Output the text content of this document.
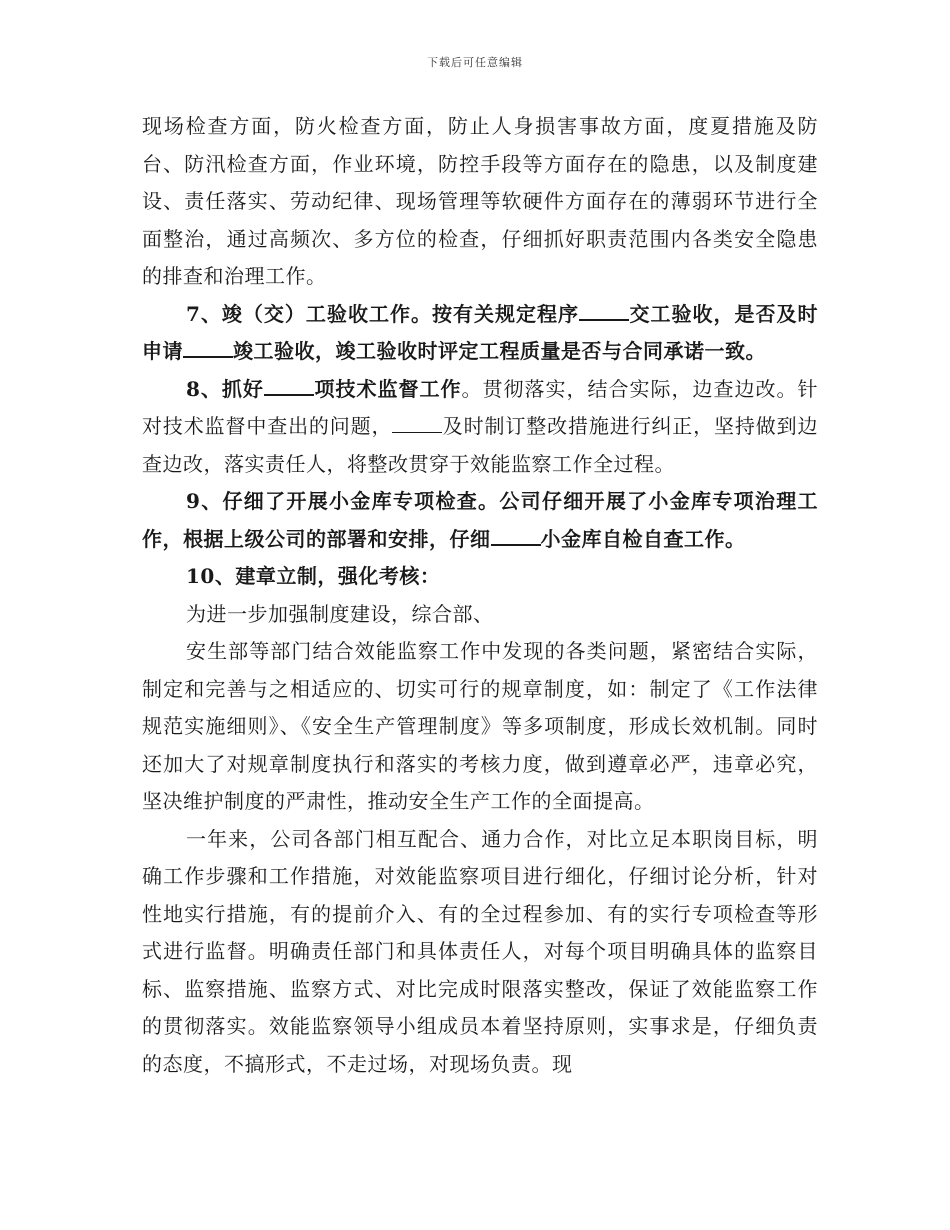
下载后可任意编辑

现场检查方面，防火检查方面，防止人身损害事故方面，度夏措施及防台、防汛检查方面，作业环境，防控手段等方面存在的隐患，以及制度建设、责任落实、劳动纪律、现场管理等软硬件方面存在的薄弱环节进行全面整治，通过高频次、多方位的检查，仔细抓好职责范围内各类安全隐患的排查和治理工作。

7、竣（交）工验收工作。按有关规定程序	交工验收，是否及时申请	竣工验收，竣工验收时评定工程质量是否与合同承诺一致。

8、抓好	项技术监督工作。贯彻落实，结合实际，边查边改。针对技术监督中查出的问题，	及时制订整改措施进行纠正，坚持做到边查边改，落实责任人，将整改贯穿于效能监察工作全过程。

9、仔细了开展小金库专项检查。公司仔细开展了小金库专项治理工作，根据上级公司的部署和安排，仔细	小金库自检自查工作。

10、建章立制，强化考核：

为进一步加强制度建设，综合部、

安生部等部门结合效能监察工作中发现的各类问题，紧密结合实际，制定和完善与之相适应的、切实可行的规章制度，如：制定了《工作法律规范实施细则》、《安全生产管理制度》等多项制度，形成长效机制。同时还加大了对规章制度执行和落实的考核力度，做到遵章必严，违章必究，坚决维护制度的严肃性，推动安全生产工作的全面提高。

一年来，公司各部门相互配合、通力合作，对比立足本职岗目标，明确工作步骤和工作措施，对效能监察项目进行细化，仔细讨论分析，针对性地实行措施，有的提前介入、有的全过程参加、有的实行专项检查等形式进行监督。明确责任部门和具体责任人，对每个项目明确具体的监察目标、监察措施、监察方式、对比完成时限落实整改，保证了效能监察工作的贯彻落实。效能监察领导小组成员本着坚持原则，实事求是，仔细负责的态度，不搞形式，不走过场，对现场负责。现
